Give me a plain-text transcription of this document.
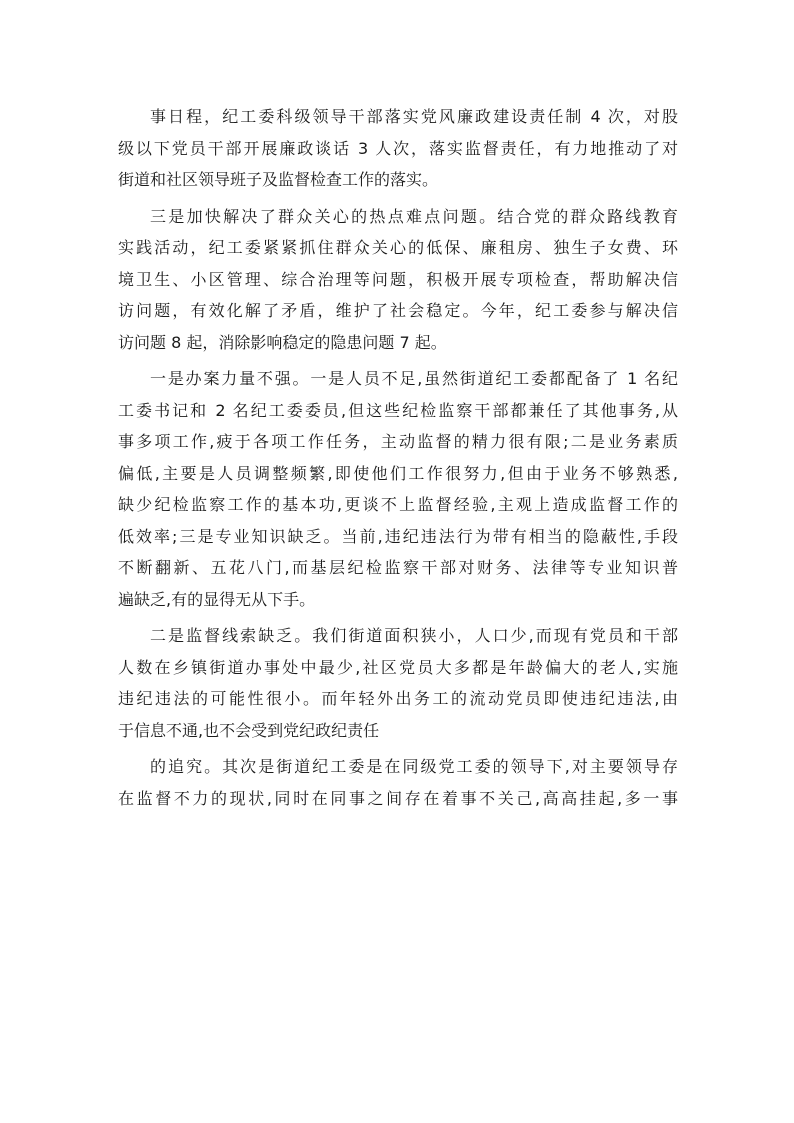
事日程，纪工委科级领导干部落实党风廉政建设责任制 4 次，对股
级以下党员干部开展廉政谈话 3 人次，落实监督责任，有力地推动了对
街道和社区领导班子及监督检查工作的落实。
三是加快解决了群众关心的热点难点问题。结合党的群众路线教育
实践活动，纪工委紧紧抓住群众关心的低保、廉租房、独生子女费、环
境卫生、小区管理、综合治理等问题，积极开展专项检查，帮助解决信
访问题，有效化解了矛盾，维护了社会稳定。今年，纪工委参与解决信
访问题 8 起，消除影响稳定的隐患问题 7 起。
一是办案力量不强。一是人员不足,虽然街道纪工委都配备了 1 名纪
工委书记和 2 名纪工委委员,但这些纪检监察干部都兼任了其他事务,从
事多项工作,疲于各项工作任务，主动监督的精力很有限;二是业务素质
偏低,主要是人员调整频繁,即使他们工作很努力,但由于业务不够熟悉,
缺少纪检监察工作的基本功,更谈不上监督经验,主观上造成监督工作的
低效率;三是专业知识缺乏。当前,违纪违法行为带有相当的隐蔽性,手段
不断翻新、五花八门,而基层纪检监察干部对财务、法律等专业知识普
遍缺乏,有的显得无从下手。
二是监督线索缺乏。我们街道面积狭小，人口少,而现有党员和干部
人数在乡镇街道办事处中最少,社区党员大多都是年龄偏大的老人,实施
违纪违法的可能性很小。而年轻外出务工的流动党员即使违纪违法,由
于信息不通,也不会受到党纪政纪责任
的追究。其次是街道纪工委是在同级党工委的领导下,对主要领导存
在监督不力的现状,同时在同事之间存在着事不关己,高高挂起,多一事
